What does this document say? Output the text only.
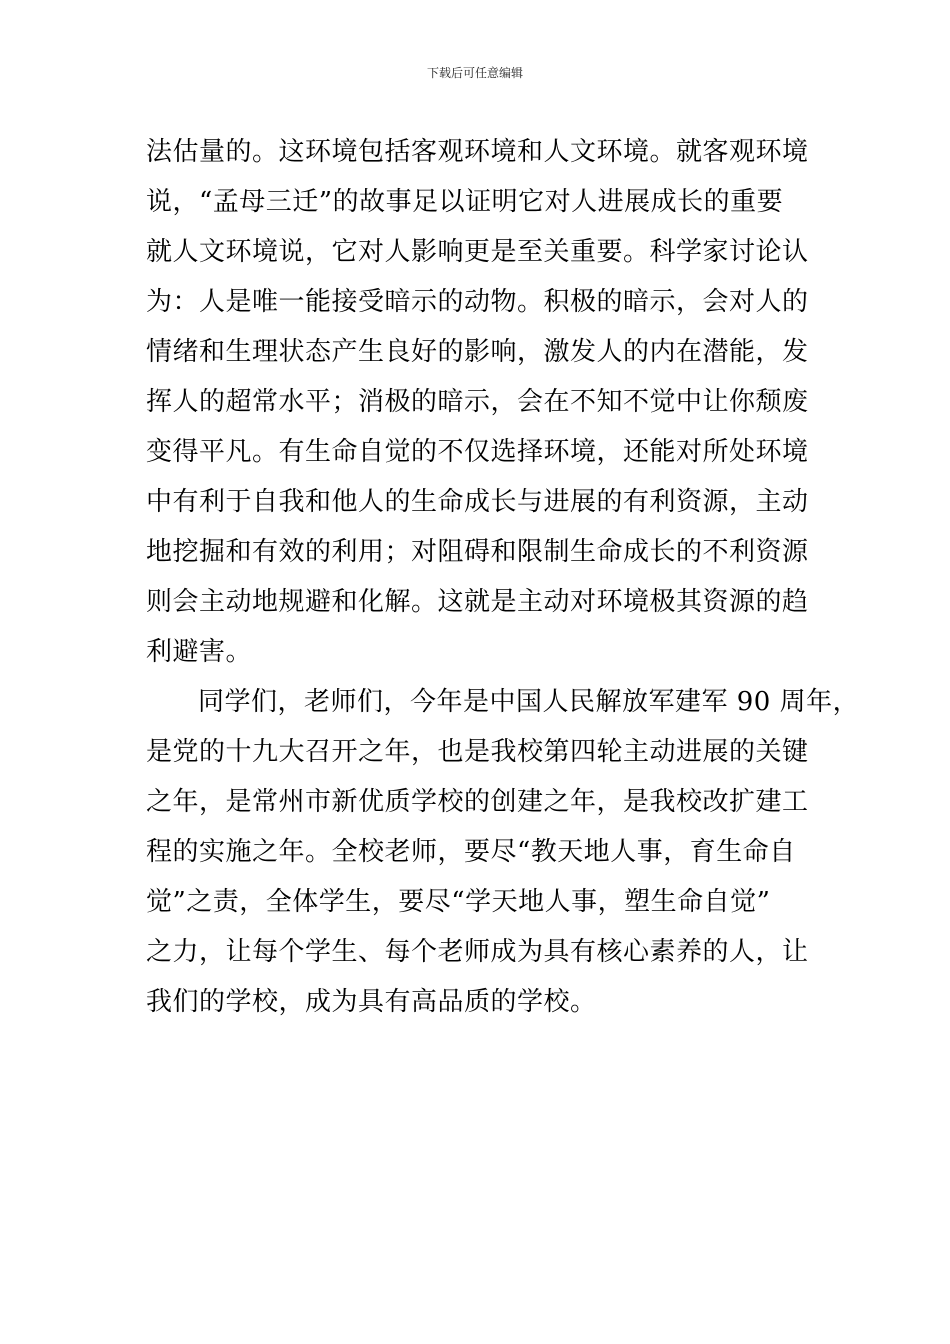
下载后可任意编辑
法估量的。这环境包括客观环境和人文环境。就客观环境
说，“孟母三迁”的故事足以证明它对人进展成长的重要
就人文环境说，它对人影响更是至关重要。科学家讨论认
为：人是唯一能接受暗示的动物。积极的暗示，会对人的
情绪和生理状态产生良好的影响，激发人的内在潜能，发
挥人的超常水平；消极的暗示，会在不知不觉中让你颓废
变得平凡。有生命自觉的不仅选择环境，还能对所处环境
中有利于自我和他人的生命成长与进展的有利资源，主动
地挖掘和有效的利用；对阻碍和限制生命成长的不利资源
则会主动地规避和化解。这就是主动对环境极其资源的趋
利避害。
同学们，老师们，今年是中国人民解放军建军 90 周年，
是党的十九大召开之年，也是我校第四轮主动进展的关键
之年，是常州市新优质学校的创建之年，是我校改扩建工
程的实施之年。全校老师，要尽“教天地人事，育生命自
觉”之责，全体学生，要尽“学天地人事，塑生命自觉”
之力，让每个学生、每个老师成为具有核心素养的人，让
我们的学校，成为具有高品质的学校。
